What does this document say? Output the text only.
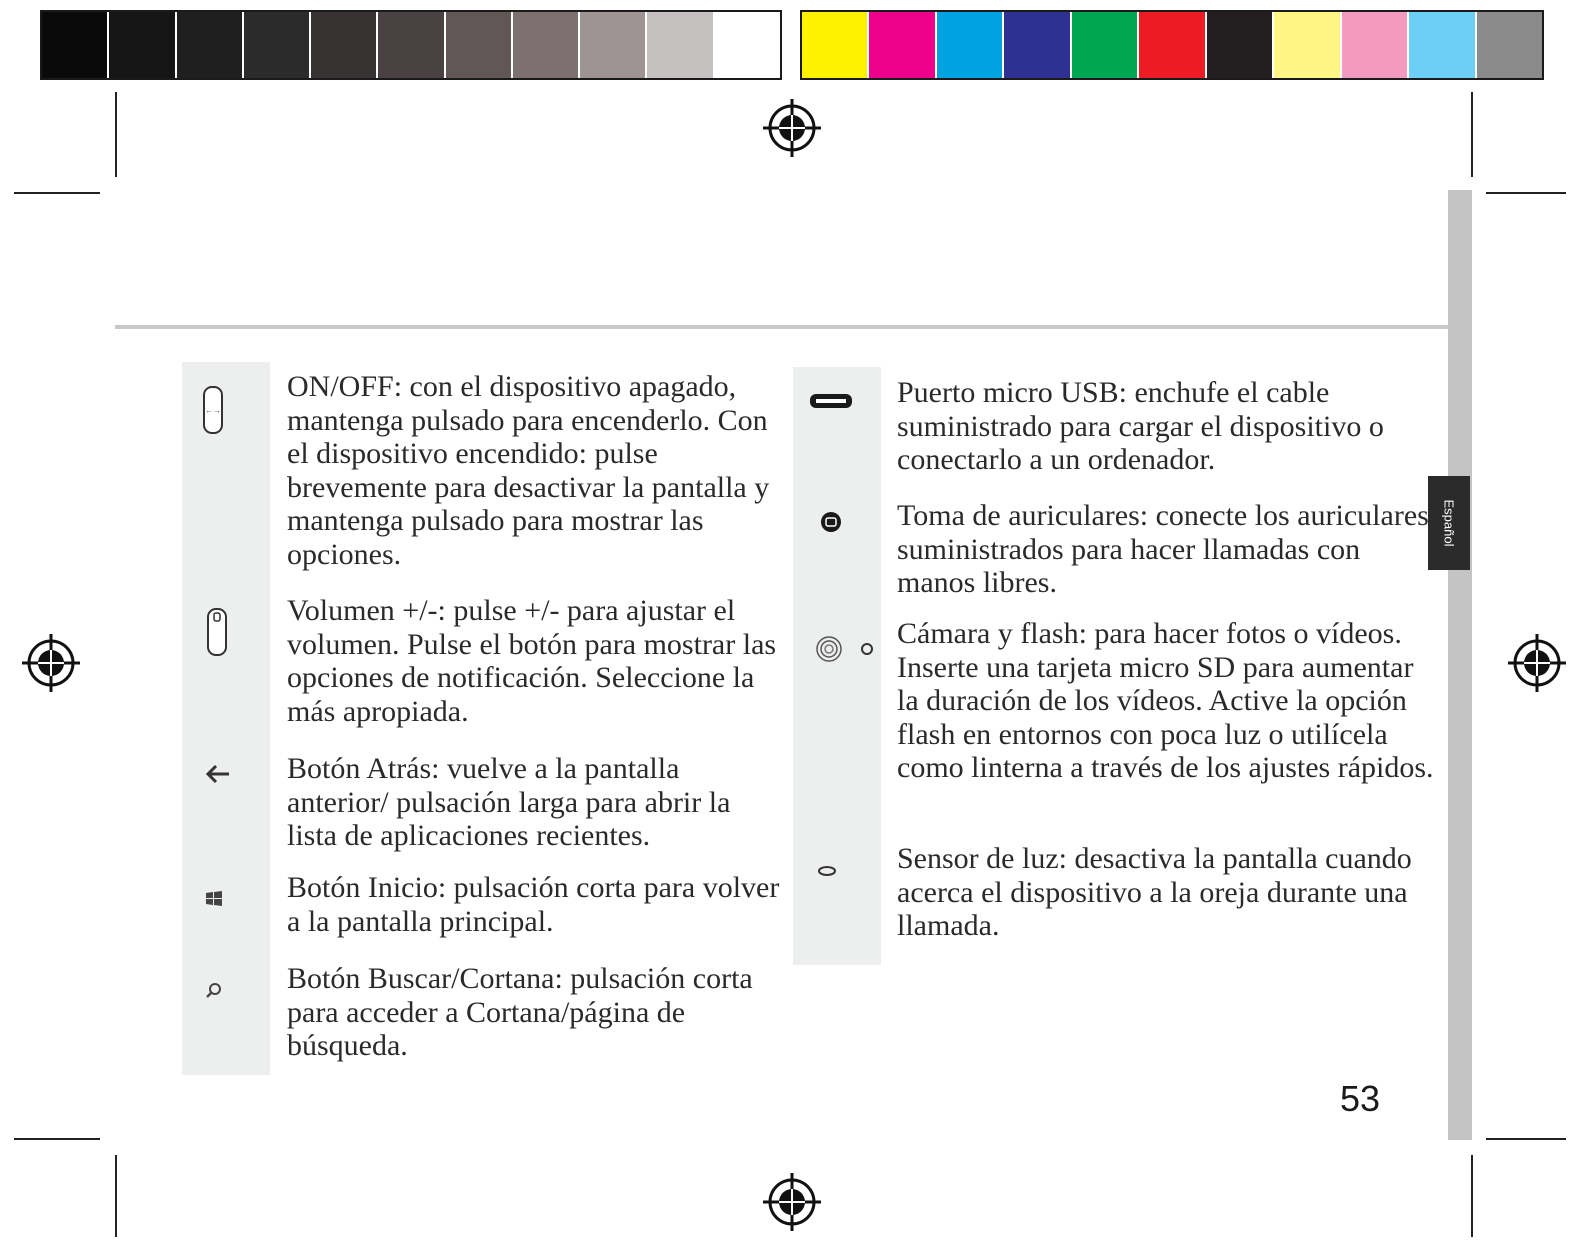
Español
←→

ON/OFF: con el dispositivo apagado, mantenga pulsado para encenderlo. Con el dispositivo encendido: pulse brevemente para desactivar la pantalla y mantenga pulsado para mostrar las opciones.

Volumen +/-: pulse +/- para ajustar el volumen. Pulse el botón para mostrar las opciones de notificación. Seleccione la más apropiada.

Botón Atrás: vuelve a la pantalla anterior/ pulsación larga para abrir la lista de aplicaciones recientes.

Botón Inicio: pulsación corta para volver a la pantalla principal.

Botón Buscar/Cortana: pulsación corta para acceder a Cortana/página de búsqueda.

Puerto micro USB: enchufe el cable suministrado para cargar el dispositivo o conectarlo a un ordenador.

Toma de auriculares: conecte los auriculares suministrados para hacer llamadas con manos libres.

Cámara y flash: para hacer fotos o vídeos. Inserte una tarjeta micro SD para aumentar la duración de los vídeos. Active la opción flash en entornos con poca luz o utilícela como linterna a través de los ajustes rápidos.

Sensor de luz: desactiva la pantalla cuando acerca el dispositivo a la oreja durante una llamada.

53
